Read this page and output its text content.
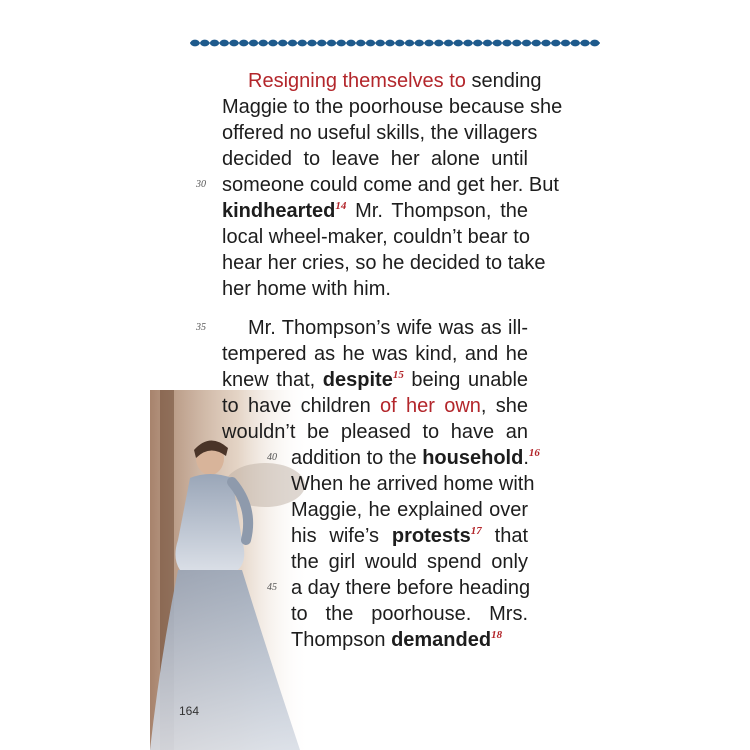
Resigning themselves to sending
Maggie to the poorhouse because she
offered no useful skills, the villagers
decided to leave her alone until
someone could come and get her. But
kindhearted$^{14}$ Mr. Thompson, the
local wheel-maker, couldn’t bear to
hear her cries, so he decided to take
her home with him.
Mr. Thompson’s wife was as ill-
tempered as he was kind, and he
knew that, despite$^{15}$ being unable
to have children of her own, she
wouldn’t be pleased to have an
addition to the household.$^{16}$
When he arrived home with
Maggie, he explained over
his wife’s protests$^{17}$ that
the girl would spend only
a day there before heading
to the poorhouse. Mrs.
Thompson demanded$^{18}$
30
35
40
45
164
